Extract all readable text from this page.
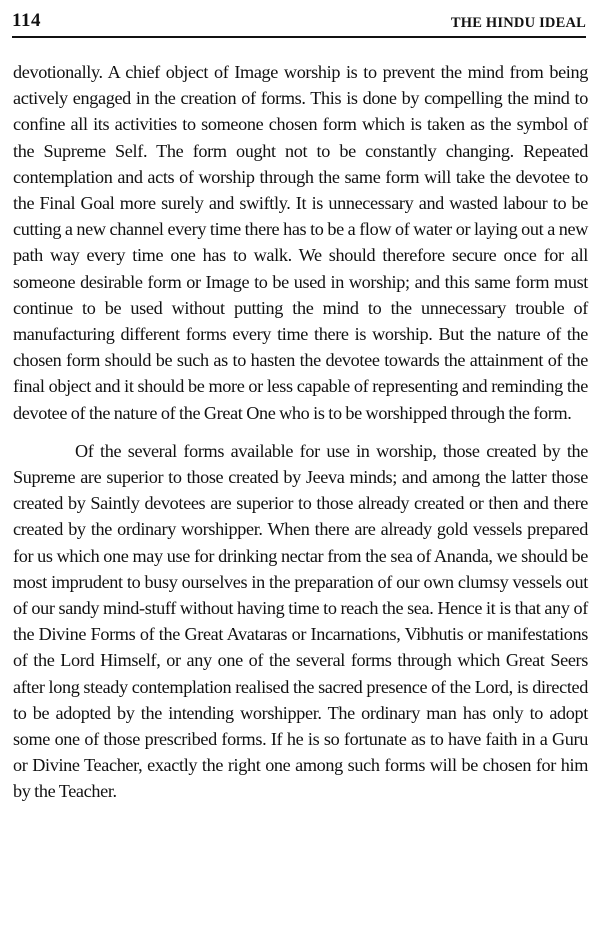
114	THE HINDU IDEAL

devotionally. A chief object of Image worship is to prevent the mind from being actively engaged in the creation of forms. This is done by compelling the mind to confine all its activities to someone chosen form which is taken as the symbol of the Supreme Self. The form ought not to be constantly changing. Repeated contemplation and acts of worship through the same form will take the devotee to the Final Goal more surely and swiftly. It is unnecessary and wasted labour to be cutting a new channel every time there has to be a flow of water or laying out a new path way every time one has to walk. We should therefore secure once for all someone desirable form or Image to be used in worship; and this same form must continue to be used without putting the mind to the unnecessary trouble of manufacturing different forms every time there is worship. But the nature of the chosen form should be such as to hasten the devotee towards the attainment of the final object and it should be more or less capable of representing and reminding the devotee of the nature of the Great One who is to be worshipped through the form.

Of the several forms available for use in worship, those created by the Supreme are superior to those created by Jeeva minds; and among the latter those created by Saintly devotees are superior to those already created or then and there created by the ordinary worshipper. When there are already gold vessels prepared for us which one may use for drinking nectar from the sea of Ananda, we should be most imprudent to busy ourselves in the preparation of our own clumsy vessels out of our sandy mind-stuff without having time to reach the sea. Hence it is that any of the Divine Forms of the Great Avataras or Incarnations, Vibhutis or manifestations of the Lord Himself, or any one of the several forms through which Great Seers after long steady contemplation realised the sacred presence of the Lord, is directed to be adopted by the intending worshipper. The ordinary man has only to adopt some one of those prescribed forms. If he is so fortunate as to have faith in a Guru or Divine Teacher, exactly the right one among such forms will be chosen for him by the Teacher.
